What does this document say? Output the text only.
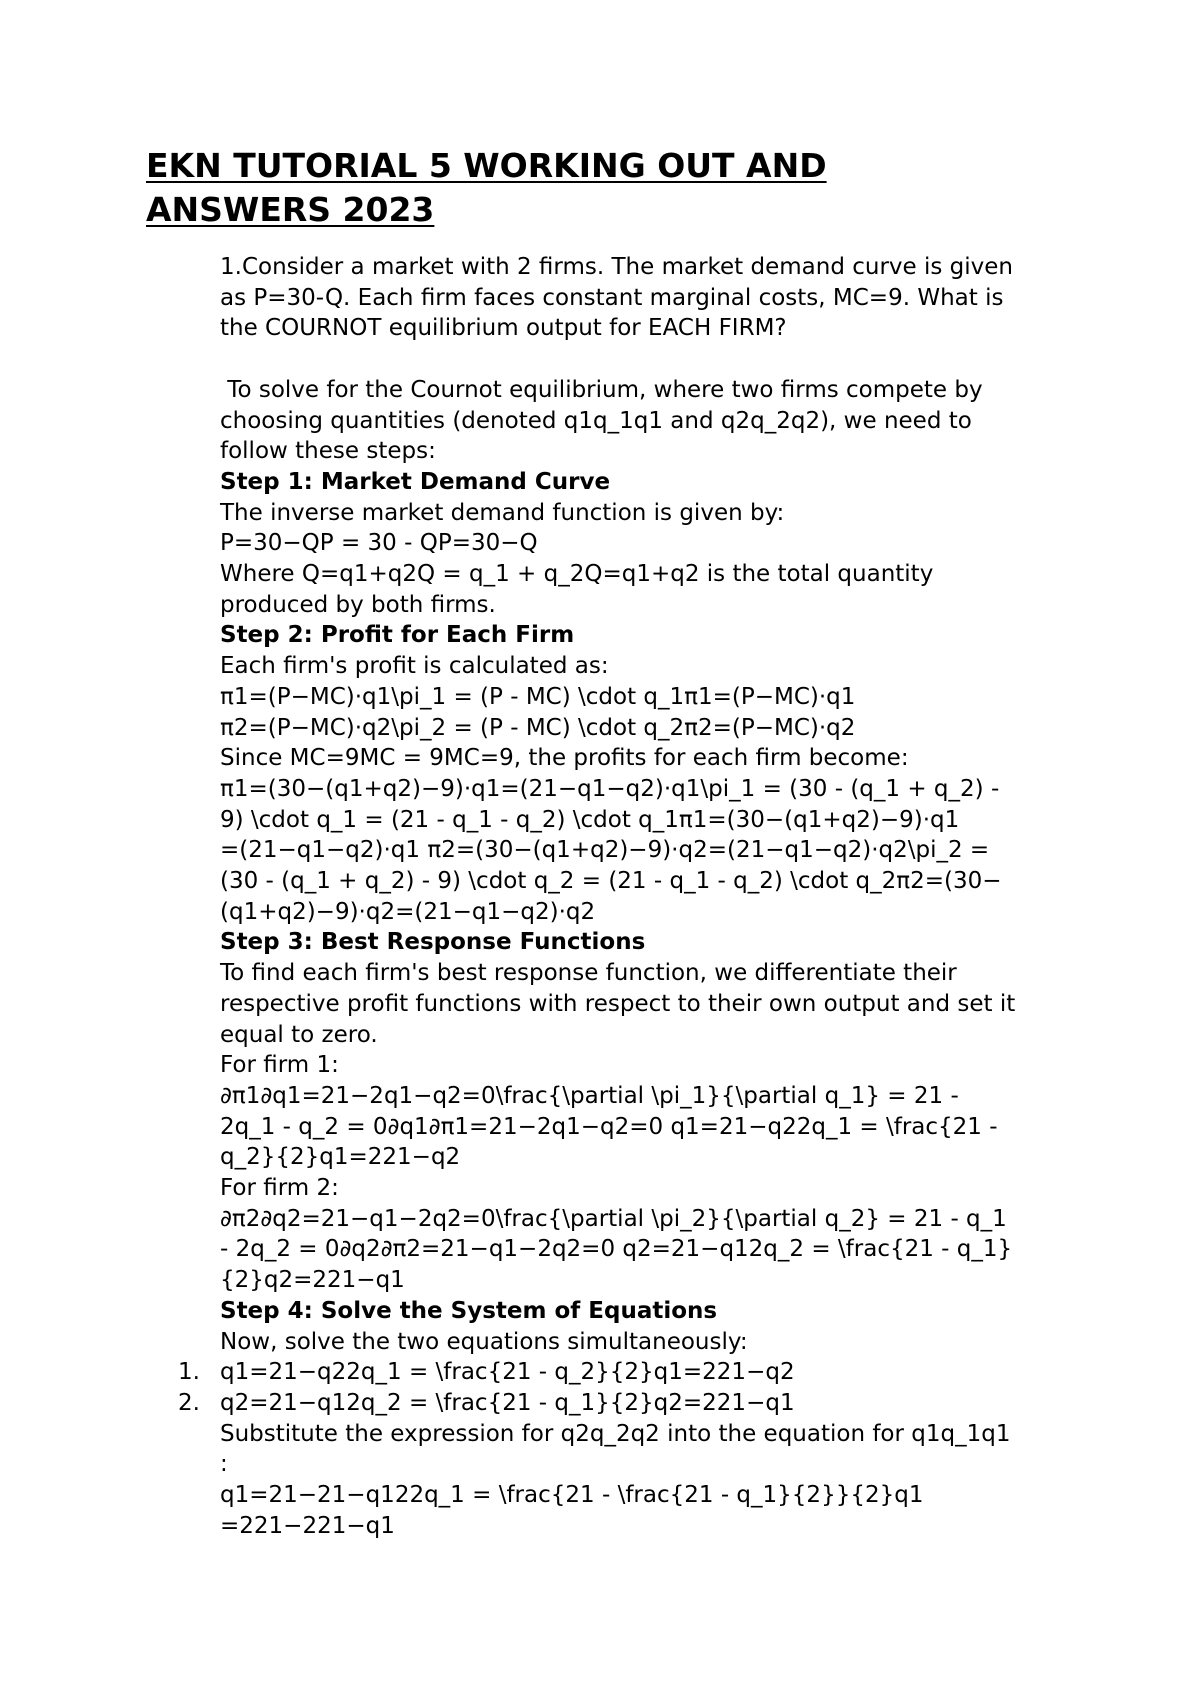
EKN TUTORIAL 5 WORKING OUT AND
ANSWERS 2023

1.Consider a market with 2 firms. The market demand curve is given

as P=30-Q. Each firm faces constant marginal costs, MC=9. What is

the COURNOT equilibrium output for EACH FIRM?

To solve for the Cournot equilibrium, where two firms compete by

choosing quantities (denoted q1q_1q1 and q2q_2q2), we need to

follow these steps:

Step 1: Market Demand Curve

The inverse market demand function is given by:

P=30−QP = 30 - QP=30−Q

Where Q=q1+q2Q = q_1 + q_2Q=q1+q2 is the total quantity

produced by both firms.

Step 2: Profit for Each Firm

Each firm's profit is calculated as:

π1=(P−MC)⋅q1\pi_1 = (P - MC) \cdot q_1π1=(P−MC)⋅q1

π2=(P−MC)⋅q2\pi_2 = (P - MC) \cdot q_2π2=(P−MC)⋅q2

Since MC=9MC = 9MC=9, the profits for each firm become:

π1=(30−(q1+q2)−9)⋅q1=(21−q1−q2)⋅q1\pi_1 = (30 - (q_1 + q_2) -

9) \cdot q_1 = (21 - q_1 - q_2) \cdot q_1π1=(30−(q1+q2)−9)⋅q1

=(21−q1−q2)⋅q1 π2=(30−(q1+q2)−9)⋅q2=(21−q1−q2)⋅q2\pi_2 =

(30 - (q_1 + q_2) - 9) \cdot q_2 = (21 - q_1 - q_2) \cdot q_2π2=(30−

(q1+q2)−9)⋅q2=(21−q1−q2)⋅q2

Step 3: Best Response Functions

To find each firm's best response function, we differentiate their

respective profit functions with respect to their own output and set it

equal to zero.

For firm 1:

∂π1∂q1=21−2q1−q2=0\frac{\partial \pi_1}{\partial q_1} = 21 -

2q_1 - q_2 = 0∂q1∂π1=21−2q1−q2=0 q1=21−q22q_1 = \frac{21 -

q_2}{2}q1=221−q2

For firm 2:

∂π2∂q2=21−q1−2q2=0\frac{\partial \pi_2}{\partial q_2} = 21 - q_1

- 2q_2 = 0∂q2∂π2=21−q1−2q2=0 q2=21−q12q_2 = \frac{21 - q_1}

{2}q2=221−q1

Step 4: Solve the System of Equations

Now, solve the two equations simultaneously:

1. q1=21−q22q_1 = \frac{21 - q_2}{2}q1=221−q2

2. q2=21−q12q_2 = \frac{21 - q_1}{2}q2=221−q1

Substitute the expression for q2q_2q2 into the equation for q1q_1q1

:

q1=21−21−q122q_1 = \frac{21 - \frac{21 - q_1}{2}}{2}q1

=221−221−q1
